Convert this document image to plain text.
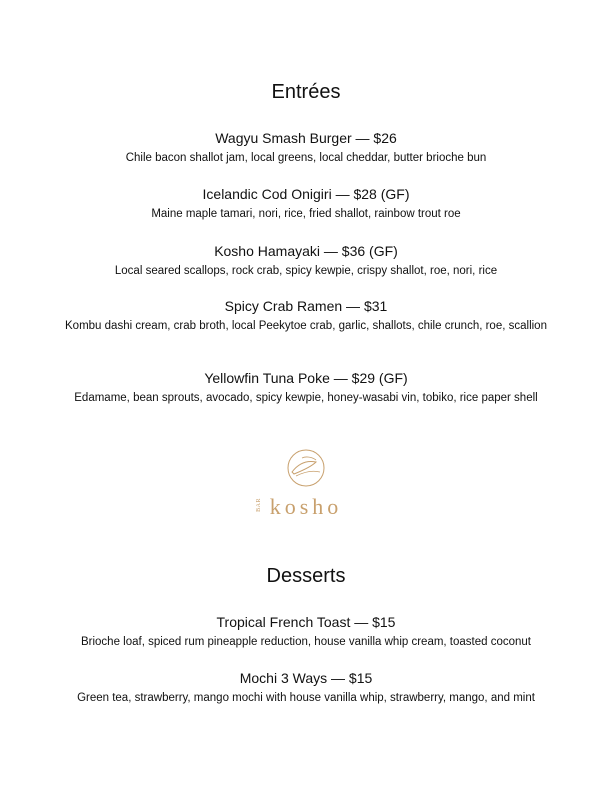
Entrées

Wagyu Smash Burger — $26

Chile bacon shallot jam, local greens, local cheddar, butter brioche bun

Icelandic Cod Onigiri — $28 (GF)

Maine maple tamari, nori, rice, fried shallot, rainbow trout roe

Kosho Hamayaki — $36 (GF)

Local seared scallops, rock crab, spicy kewpie, crispy shallot, roe, nori, rice

Spicy Crab Ramen — $31

Kombu dashi cream, crab broth, local Peekytoe crab, garlic, shallots, chile crunch, roe, scallion

Yellowfin Tuna Poke — $29 (GF)

Edamame, bean sprouts, avocado, spicy kewpie, honey-wasabi vin, tobiko, rice paper shell

BAR kosho
Desserts

Tropical French Toast — $15

Brioche loaf, spiced rum pineapple reduction, house vanilla whip cream, toasted coconut

Mochi 3 Ways — $15

Green tea, strawberry, mango mochi with house vanilla whip, strawberry, mango, and mint
